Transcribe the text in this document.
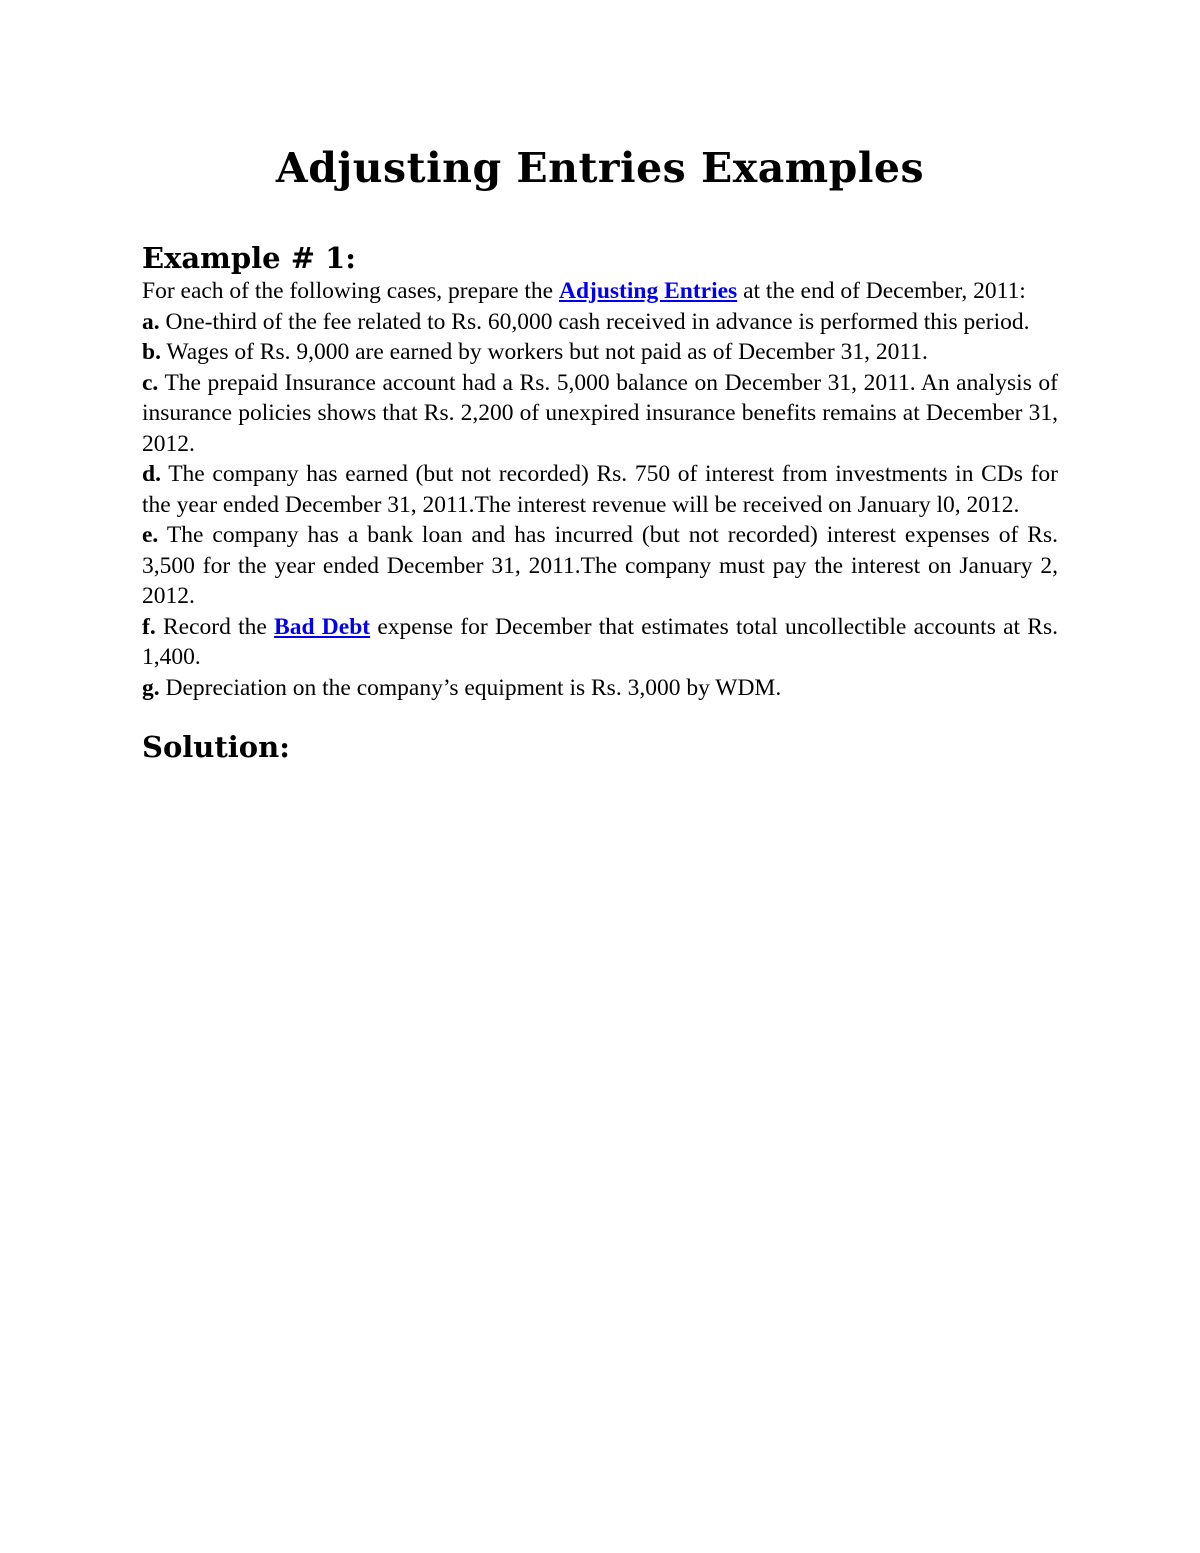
Adjusting Entries Examples
Example # 1:

For each of the following cases, prepare the Adjusting Entries at the end of December, 2011:

a. One-third of the fee related to Rs. 60,000 cash received in advance is performed this period.

b. Wages of Rs. 9,000 are earned by workers but not paid as of December 31, 2011.

c. The prepaid Insurance account had a Rs. 5,000 balance on December 31, 2011. An analysis of insurance policies shows that Rs. 2,200 of unexpired insurance benefits remains at December 31, 2012.

d. The company has earned (but not recorded) Rs. 750 of interest from investments in CDs for the year ended December 31, 2011.The interest revenue will be received on January l0, 2012.

e. The company has a bank loan and has incurred (but not recorded) interest expenses of Rs. 3,500 for the year ended December 31, 2011.The company must pay the interest on January 2, 2012.

f. Record the Bad Debt expense for December that estimates total uncollectible accounts at Rs. 1,400.

g. Depreciation on the company’s equipment is Rs. 3,000 by WDM.

Solution:
